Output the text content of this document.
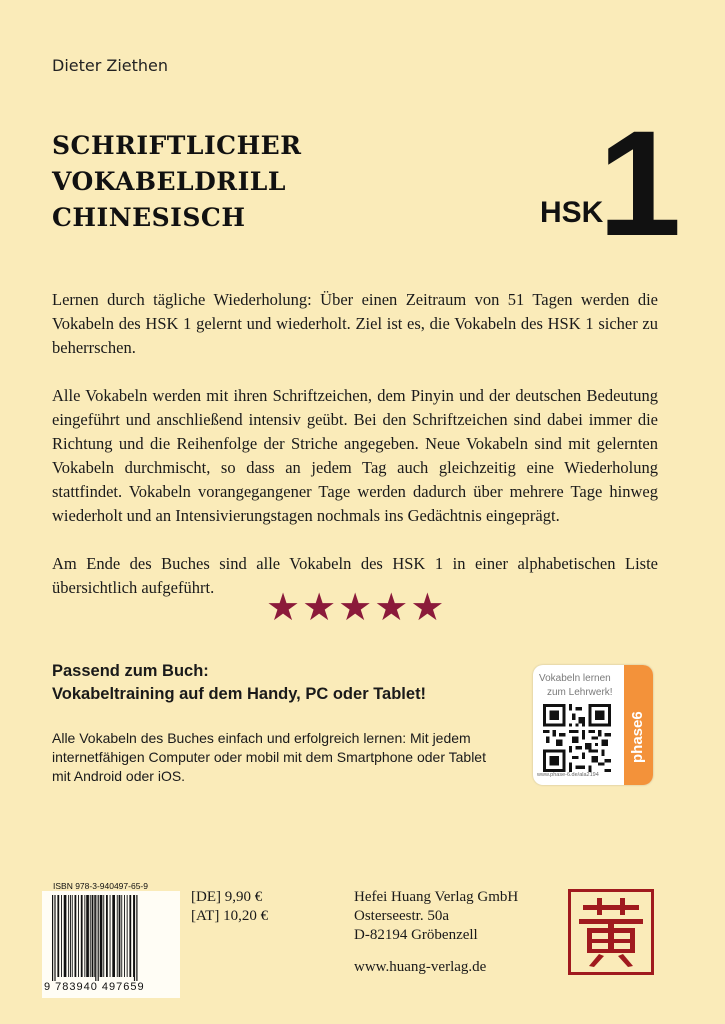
Dieter Ziethen
SCHRIFTLICHER
VOKABELDRILL
CHINESISCH	HSK
1

Lernen durch tägliche Wiederholung: Über einen Zeitraum von 51 Tagen werden die Vokabeln des HSK 1 gelernt und wiederholt. Ziel ist es, die Vokabeln des HSK 1 sicher zu beherrschen.

Alle Vokabeln werden mit ihren Schriftzeichen, dem Pinyin und der deutschen Bedeutung eingeführt und anschließend intensiv geübt. Bei den Schriftzeichen sind dabei immer die Richtung und die Reihenfolge der Striche angegeben. Neue Vokabeln sind mit gelernten Vokabeln durchmischt, so dass an jedem Tag auch gleichzeitig eine Wiederholung stattfindet. Vokabeln vorangegangener Tage werden dadurch über mehrere Tage hinweg wiederholt und an Intensivierungstagen nochmals ins Gedächtnis eingeprägt.

Am Ende des Buches sind alle Vokabeln des HSK 1 in einer alphabetischen Liste übersichtlich aufgeführt.	★★★★★
Passend zum Buch:
Vokabeltraining auf dem Handy, PC oder Tablet!
Alle Vokabeln des Buches einfach und erfolgreich lernen: Mit jedem internetfähigen Computer oder mobil mit dem Smartphone oder Tablet mit Android oder iOS.
Vokabeln lernen
zum Lehrwerk!
www.phase-6.de/ala2194
phase6
ISBN 978-3-940497-65-9
9 783940 497659
[DE] 9,90 €
[AT] 10,20 €
Hefei Huang Verlag GmbH
Osterseestr. 50a
D-82194 Gröbenzell
www.huang-verlag.de
